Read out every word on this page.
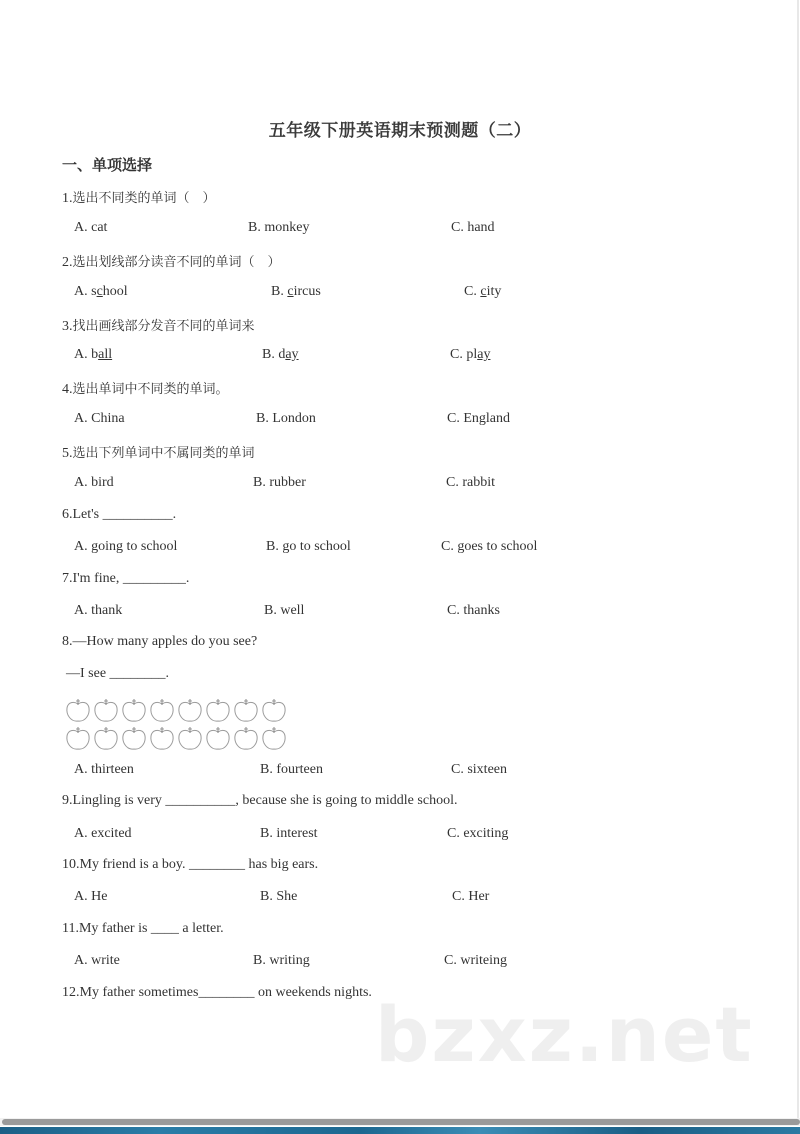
五年级下册英语期末预测题（二）
一、单项选择
1.选出不同类的单词（　）
A. cat	B. monkey	C. hand
2.选出划线部分读音不同的单词（　）
A. school	B. circus	C. city
3.找出画线部分发音不同的单词来
A. ball	B. day	C. play
4.选出单词中不同类的单词。
A. China	B. London	C. England
5.选出下列单词中不属同类的单词
A. bird	B. rubber	C. rabbit
6.Let's __________.
A. going to school	B. go to school	C. goes to school
7.I'm fine, _________.
A. thank	B. well	C. thanks
8.—How many apples do you see?
—I see ________.
A. thirteen	B. fourteen	C. sixteen
9.Lingling is very __________, because she is going to middle school.
A. excited	B. interest	C. exciting
10.My friend is a boy. ________ has big ears.
A. He	B. She	C. Her
11.My father is ____ a letter.
A. write	B. writing	C. writeing
12.My father sometimes________ on weekends nights. bzxz.net
